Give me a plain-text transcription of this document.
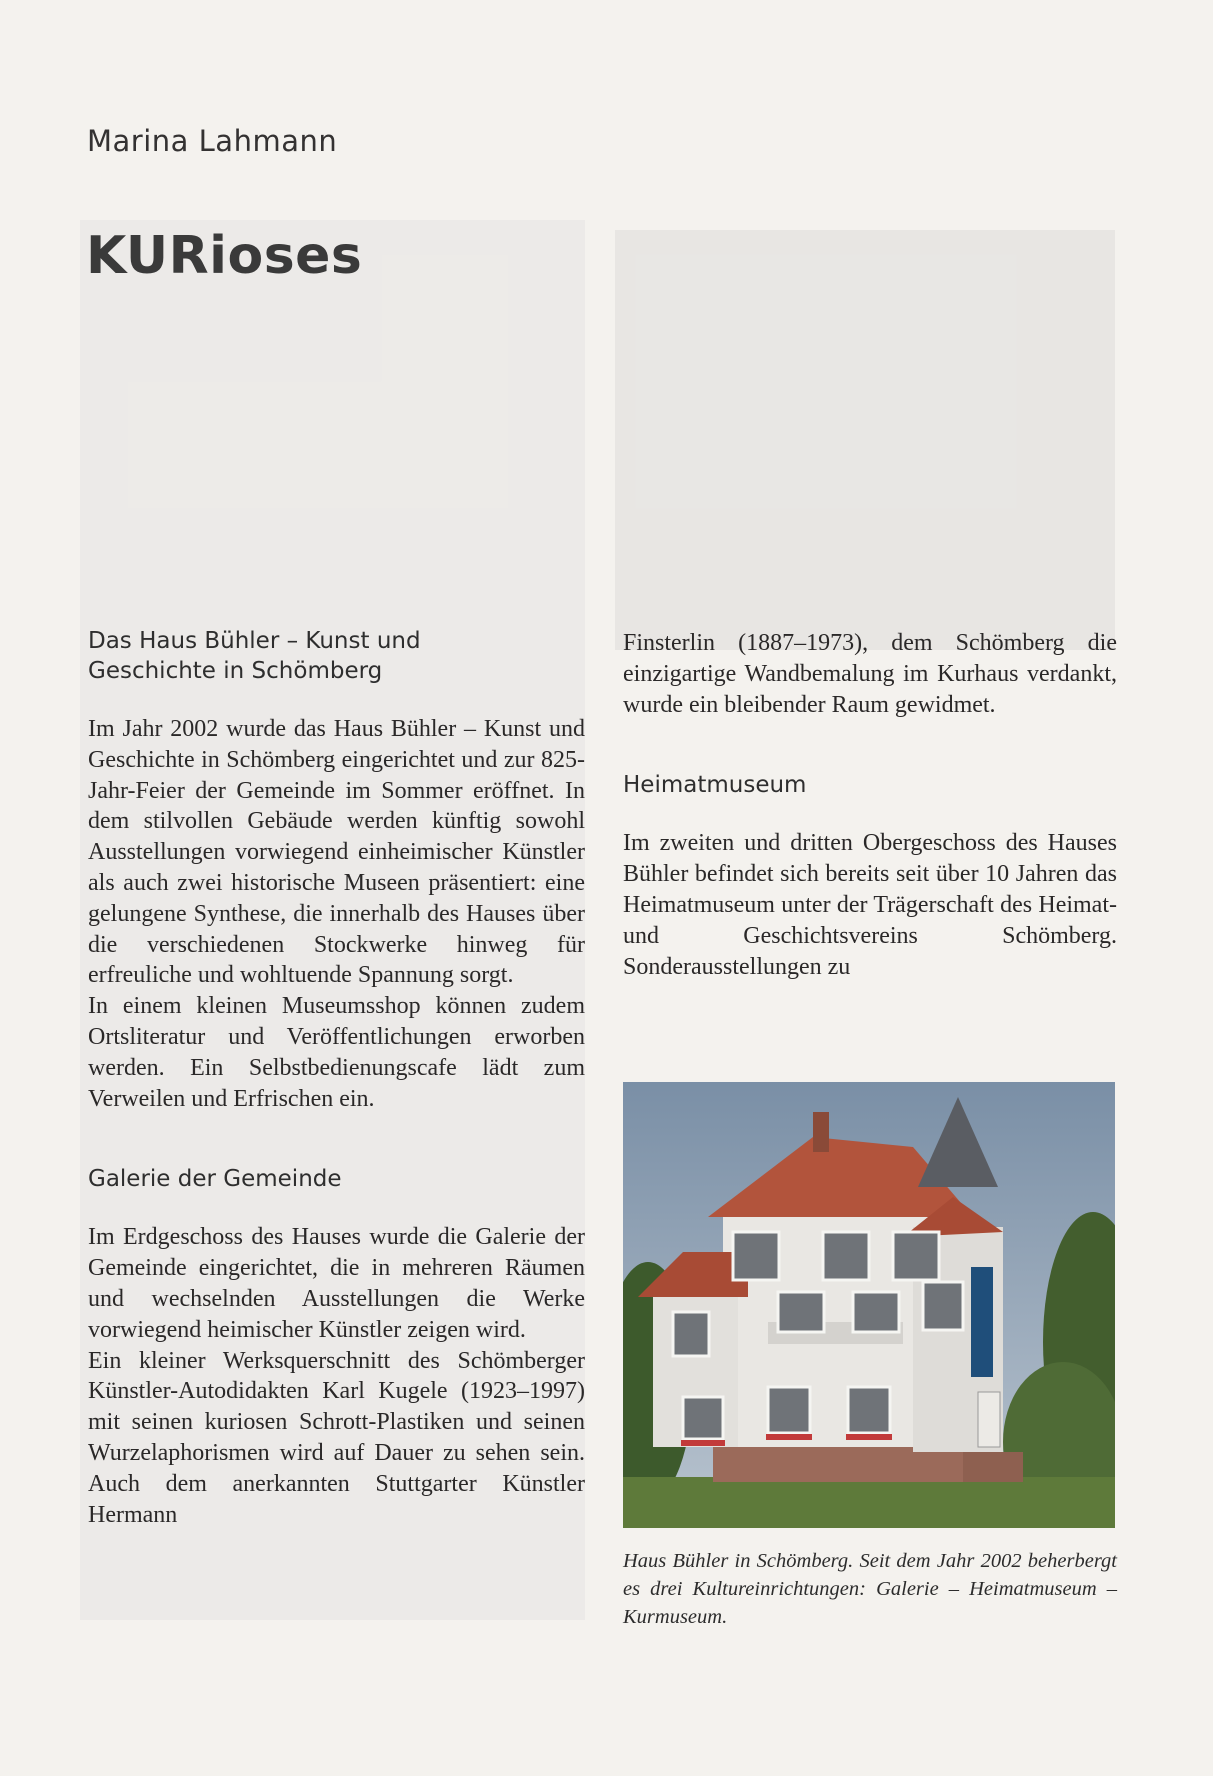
Marina Lahmann
KURioses

Das Haus Bühler – Kunst und
Geschichte in Schömberg

Im Jahr 2002 wurde das Haus Bühler – Kunst und Geschichte in Schömberg eingerichtet und zur 825-Jahr-Feier der Gemeinde im Sommer eröffnet. In dem stilvollen Gebäude werden künftig sowohl Ausstellungen vorwiegend einheimischer Künstler als auch zwei historische Museen präsentiert: eine gelungene Synthese, die innerhalb des Hauses über die verschiedenen Stockwerke hinweg für erfreuliche und wohltuende Spannung sorgt.

In einem kleinen Museumsshop können zudem Ortsliteratur und Veröffentlichungen erworben werden. Ein Selbstbedienungscafe lädt zum Verweilen und Erfrischen ein.

Galerie der Gemeinde

Im Erdgeschoss des Hauses wurde die Galerie der Gemeinde eingerichtet, die in mehreren Räumen und wechselnden Ausstellungen die Werke vorwiegend heimischer Künstler zeigen wird.

Ein kleiner Werksquerschnitt des Schömberger Künstler-Autodidakten Karl Kugele (1923–1997) mit seinen kuriosen Schrott-Plastiken und seinen Wurzelaphorismen wird auf Dauer zu sehen sein. Auch dem anerkannten Stuttgarter Künstler Hermann

Finsterlin (1887–1973), dem Schömberg die einzigartige Wandbemalung im Kurhaus verdankt, wurde ein bleibender Raum gewidmet.

Heimatmuseum

Im zweiten und dritten Obergeschoss des Hauses Bühler befindet sich bereits seit über 10 Jahren das Heimatmuseum unter der Trägerschaft des Heimat- und Geschichtsvereins Schömberg. Sonderausstellungen zu

Haus Bühler in Schömberg. Seit dem Jahr 2002 beherbergt es drei Kultureinrichtungen: Galerie – Heimatmuseum – Kurmuseum.
